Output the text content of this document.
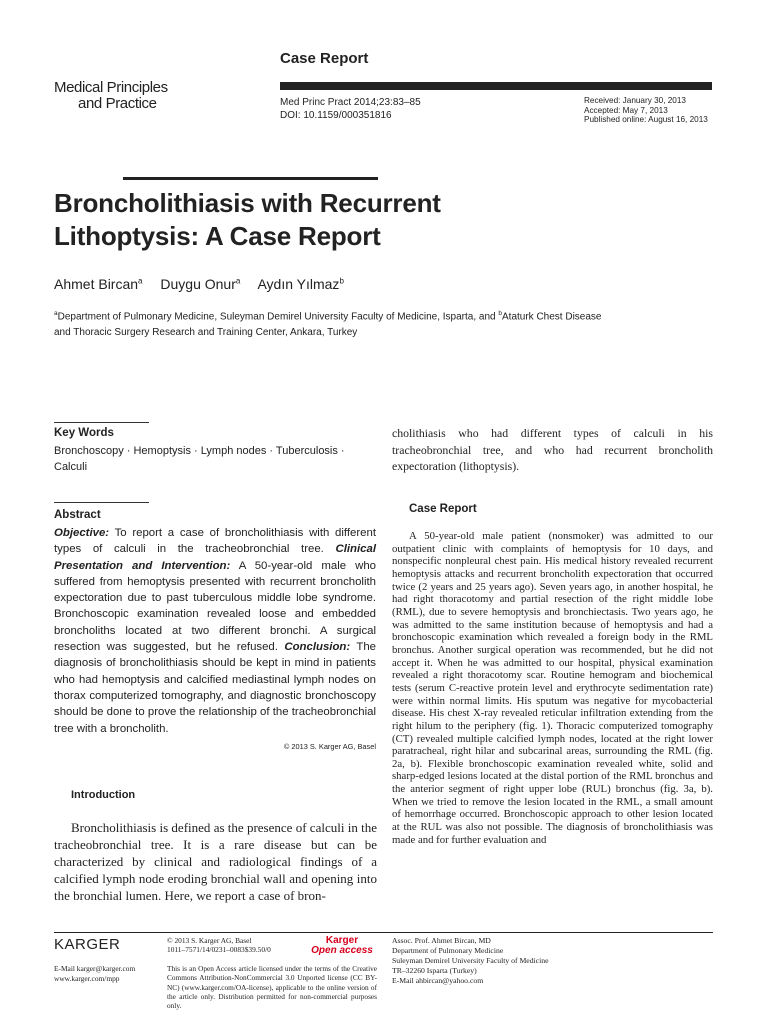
Case Report
Medical Principles
and Practice	Med Princ Pract 2014;23:83–85
DOI: 10.1159/000351816
Received: January 30, 2013
Accepted: May 7, 2013
Published online: August 16, 2013
Broncholithiasis with Recurrent
Lithoptysis: A Case Report
Ahmet Bircan$^a$ Duygu Onur$^a$ Aydın Yılmaz$^b$
$^a$Department of Pulmonary Medicine, Suleyman Demirel University Faculty of Medicine, Isparta, and $^b$Ataturk Chest Disease and Thoracic Surgery Research and Training Center, Ankara, Turkey
Key Words
Bronchoscopy · Hemoptysis · Lymph nodes · Tuberculosis · Calculi
Abstract
Objective: To report a case of broncholithiasis with different types of calculi in the tracheobronchial tree. Clinical Presentation and Intervention: A 50-year-old male who suffered from hemoptysis presented with recurrent broncholith expectoration due to past tuberculous middle lobe syndrome. Bronchoscopic examination revealed loose and embedded broncholiths located at two different bronchi. A surgical resection was suggested, but he refused. Conclusion: The diagnosis of broncholithiasis should be kept in mind in patients who had hemoptysis and calcified mediastinal lymph nodes on thorax computerized tomography, and diagnostic bronchoscopy should be done to prove the relationship of the tracheobronchial tree with a broncholith.
© 2013 S. Karger AG, Basel
Introduction
Broncholithiasis is defined as the presence of calculi in the tracheobronchial tree. It is a rare disease but can be characterized by clinical and radiological findings of a calcified lymph node eroding bronchial wall and opening into the bronchial lumen. Here, we report a case of bron-
cholithiasis who had different types of calculi in his tracheobronchial tree, and who had recurrent broncholith expectoration (lithoptysis).
Case Report
A 50-year-old male patient (nonsmoker) was admitted to our outpatient clinic with complaints of hemoptysis for 10 days, and nonspecific nonpleural chest pain. His medical history revealed recurrent hemoptysis attacks and recurrent broncholith expectoration that occurred twice (2 years and 25 years ago). Seven years ago, in another hospital, he had right thoracotomy and partial resection of the right middle lobe (RML), due to severe hemoptysis and bronchiectasis. Two years ago, he was admitted to the same institution because of hemoptysis and had a bronchoscopic examination which revealed a foreign body in the RML bronchus. Another surgical operation was recommended, but he did not accept it. When he was admitted to our hospital, physical examination revealed a right thoracotomy scar. Routine hemogram and biochemical tests (serum C-reactive protein level and erythrocyte sedimentation rate) were within normal limits. His sputum was negative for mycobacterial disease. His chest X-ray revealed reticular infiltration extending from the right hilum to the periphery (fig. 1). Thoracic computerized tomography (CT) revealed multiple calcified lymph nodes, located at the right lower paratracheal, right hilar and subcarinal areas, surrounding the RML (fig. 2a, b). Flexible bronchoscopic examination revealed white, solid and sharp-edged lesions located at the distal portion of the RML bronchus and the anterior segment of right upper lobe (RUL) bronchus (fig. 3a, b). When we tried to remove the lesion located in the RML, a small amount of hemorrhage occurred. Bronchoscopic approach to other lesion located at the RUL was also not possible. The diagnosis of broncholithiasis was made and for further evaluation and
KARGER
E-Mail karger@karger.com
www.karger.com/mpp
© 2013 S. Karger AG, Basel
1011–7571/14/0231–0083$39.50/0
Karger
Open access
This is an Open Access article licensed under the terms of the Creative Commons Attribution-NonCommercial 3.0 Unported license (CC BY-NC) (www.karger.com/OA-license), applicable to the online version of the article only. Distribution permitted for non-commercial purposes only.
Assoc. Prof. Ahmet Bircan, MD
Department of Pulmonary Medicine
Suleyman Demirel University Faculty of Medicine
TR–32260 Isparta (Turkey)
E-Mail ahbircan@yahoo.com
